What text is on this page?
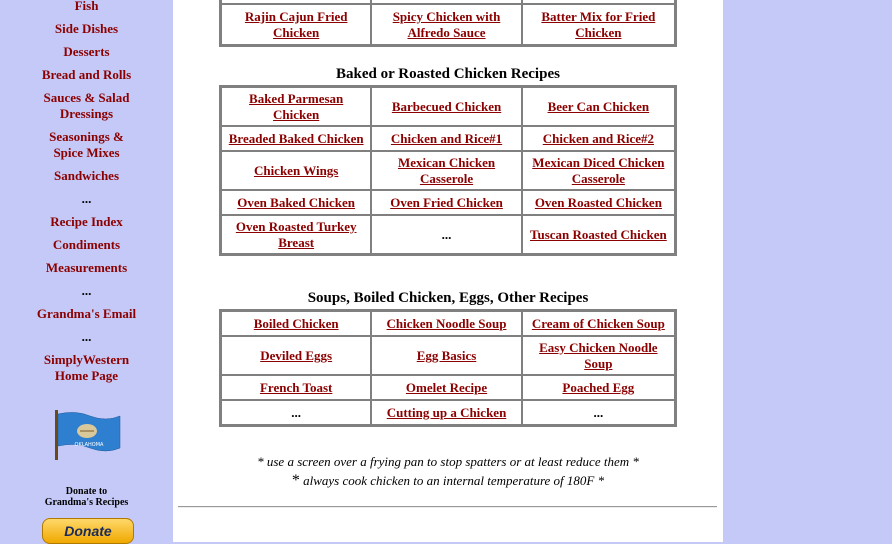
Fish
Side Dishes
Desserts
Bread and Rolls
Sauces & Salad
Dressings
Seasonings &
Spice Mixes
Sandwiches
...
Recipe Index
Condiments
Measurements
...
Grandma's Email
...
SimplyWestern
Home Page
OKLAHOMA
Donate to
Grandma's Recipes
Donate

Rajin Cajun Fried Chicken	Spicy Chicken with Alfredo Sauce	Batter Mix for Fried Chicken
Baked or Roasted Chicken Recipes
Baked Parmesan Chicken	Barbecued Chicken	Beer Can Chicken
Breaded Baked Chicken	Chicken and Rice#1	Chicken and Rice#2
Chicken Wings	Mexican Chicken Casserole	Mexican Diced Chicken Casserole
Oven Baked Chicken	Oven Fried Chicken	Oven Roasted Chicken
Oven Roasted Turkey Breast	...	Tuscan Roasted Chicken
Soups, Boiled Chicken, Eggs, Other Recipes
Boiled Chicken	Chicken Noodle Soup	Cream of Chicken Soup
Deviled Eggs	Egg Basics	Easy Chicken Noodle Soup
French Toast	Omelet Recipe	Poached Egg
...	Cutting up a Chicken	...
* use a screen over a frying pan to stop spatters or at least reduce them *
* always cook chicken to an internal temperature of 180F *
